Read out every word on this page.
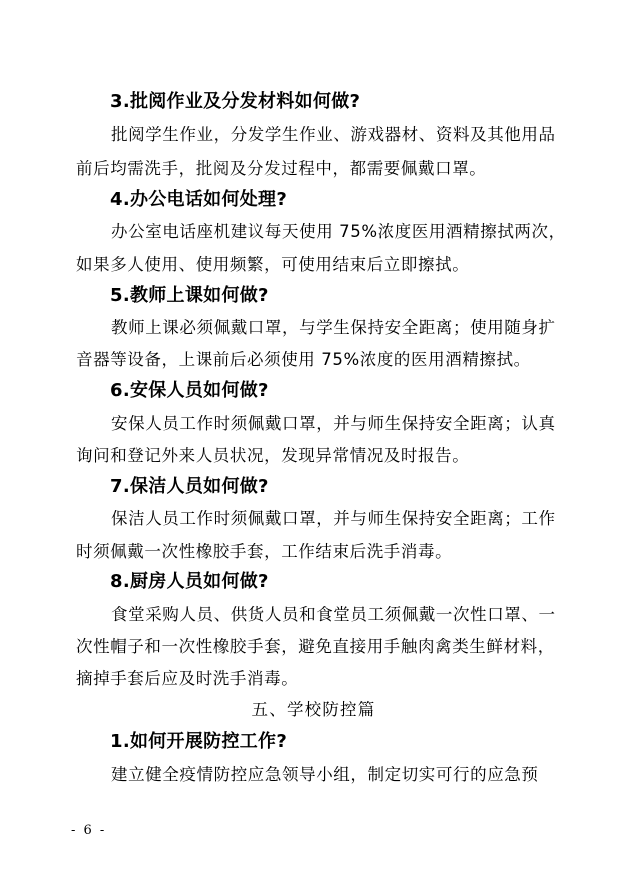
3.批阅作业及分发材料如何做?
批阅学生作业，分发学生作业、游戏器材、资料及其他用品
前后均需洗手，批阅及分发过程中，都需要佩戴口罩。
4.办公电话如何处理?
办公室电话座机建议每天使用 75%浓度医用酒精擦拭两次，
如果多人使用、使用频繁，可使用结束后立即擦拭。
5.教师上课如何做?
教师上课必须佩戴口罩，与学生保持安全距离；使用随身扩
音器等设备，上课前后必须使用 75%浓度的医用酒精擦拭。
6.安保人员如何做?
安保人员工作时须佩戴口罩，并与师生保持安全距离；认真
询问和登记外来人员状况，发现异常情况及时报告。
7.保洁人员如何做?
保洁人员工作时须佩戴口罩，并与师生保持安全距离；工作
时须佩戴一次性橡胶手套，工作结束后洗手消毒。
8.厨房人员如何做?
食堂采购人员、供货人员和食堂员工须佩戴一次性口罩、一
次性帽子和一次性橡胶手套，避免直接用手触肉禽类生鲜材料，
摘掉手套后应及时洗手消毒。
五、学校防控篇
1.如何开展防控工作?
建立健全疫情防控应急领导小组，制定切实可行的应急预
- 6 -
